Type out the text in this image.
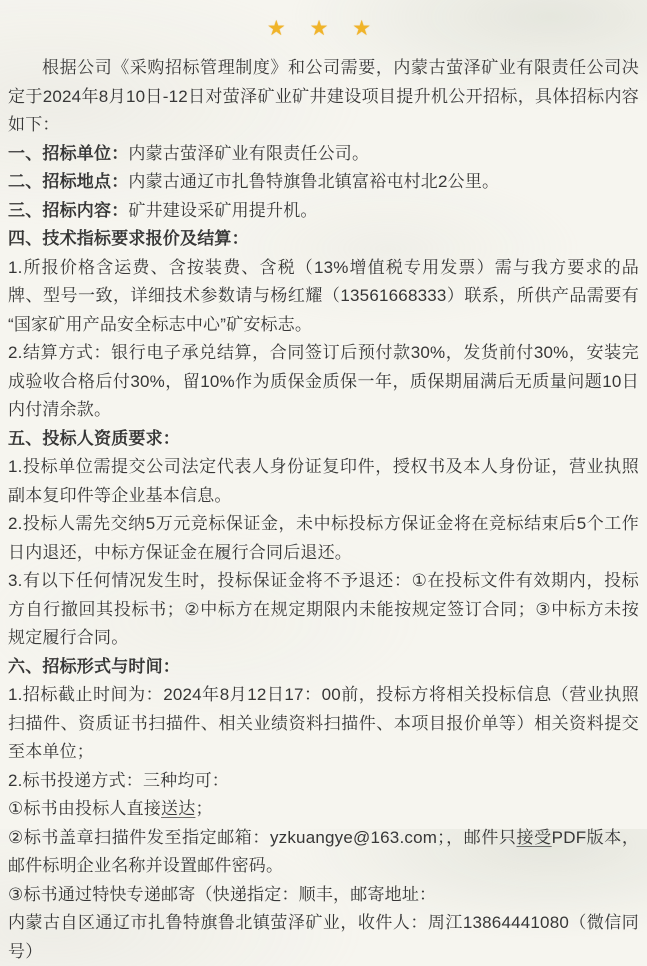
★ ★ ★

根据公司《采购招标管理制度》和公司需要，内蒙古萤泽矿业有限责任公司决定于2024年8月10日-12日对萤泽矿业矿井建设项目提升机公开招标，具体招标内容如下：

一、招标单位：内蒙古萤泽矿业有限责任公司。

二、招标地点：内蒙古通辽市扎鲁特旗鲁北镇富裕屯村北2公里。

三、招标内容：矿井建设采矿用提升机。

四、技术指标要求报价及结算：

1.所报价格含运费、含按装费、含税（13%增值税专用发票）需与我方要求的品牌、型号一致，详细技术参数请与杨红耀（13561668333）联系，所供产品需要有“国家矿用产品安全标志中心”矿安标志。

2.结算方式：银行电子承兑结算，合同签订后预付款30%，发货前付30%，安装完成验收合格后付30%，留10%作为质保金质保一年，质保期届满后无质量问题10日内付清余款。

五、投标人资质要求：

1.投标单位需提交公司法定代表人身份证复印件，授权书及本人身份证，营业执照副本复印件等企业基本信息。

2.投标人需先交纳5万元竞标保证金，未中标投标方保证金将在竞标结束后5个工作日内退还，中标方保证金在履行合同后退还。

3.有以下任何情况发生时，投标保证金将不予退还：①在投标文件有效期内，投标方自行撤回其投标书；②中标方在规定期限内未能按规定签订合同；③中标方未按规定履行合同。

六、招标形式与时间：

1.招标截止时间为：2024年8月12日17：00前，投标方将相关投标信息（营业执照扫描件、资质证书扫描件、相关业绩资料扫描件、本项目报价单等）相关资料提交至本单位；

2.标书投递方式：三种均可：

①标书由投标人直接送达；

②标书盖章扫描件发至指定邮箱：yzkuangye@163.com；，邮件只接受PDF版本，邮件标明企业名称并设置邮件密码。

③标书通过特快专递邮寄（快递指定：顺丰，邮寄地址：

内蒙古自区通辽市扎鲁特旗鲁北镇萤泽矿业，收件人：周江13864441080（微信同号）
